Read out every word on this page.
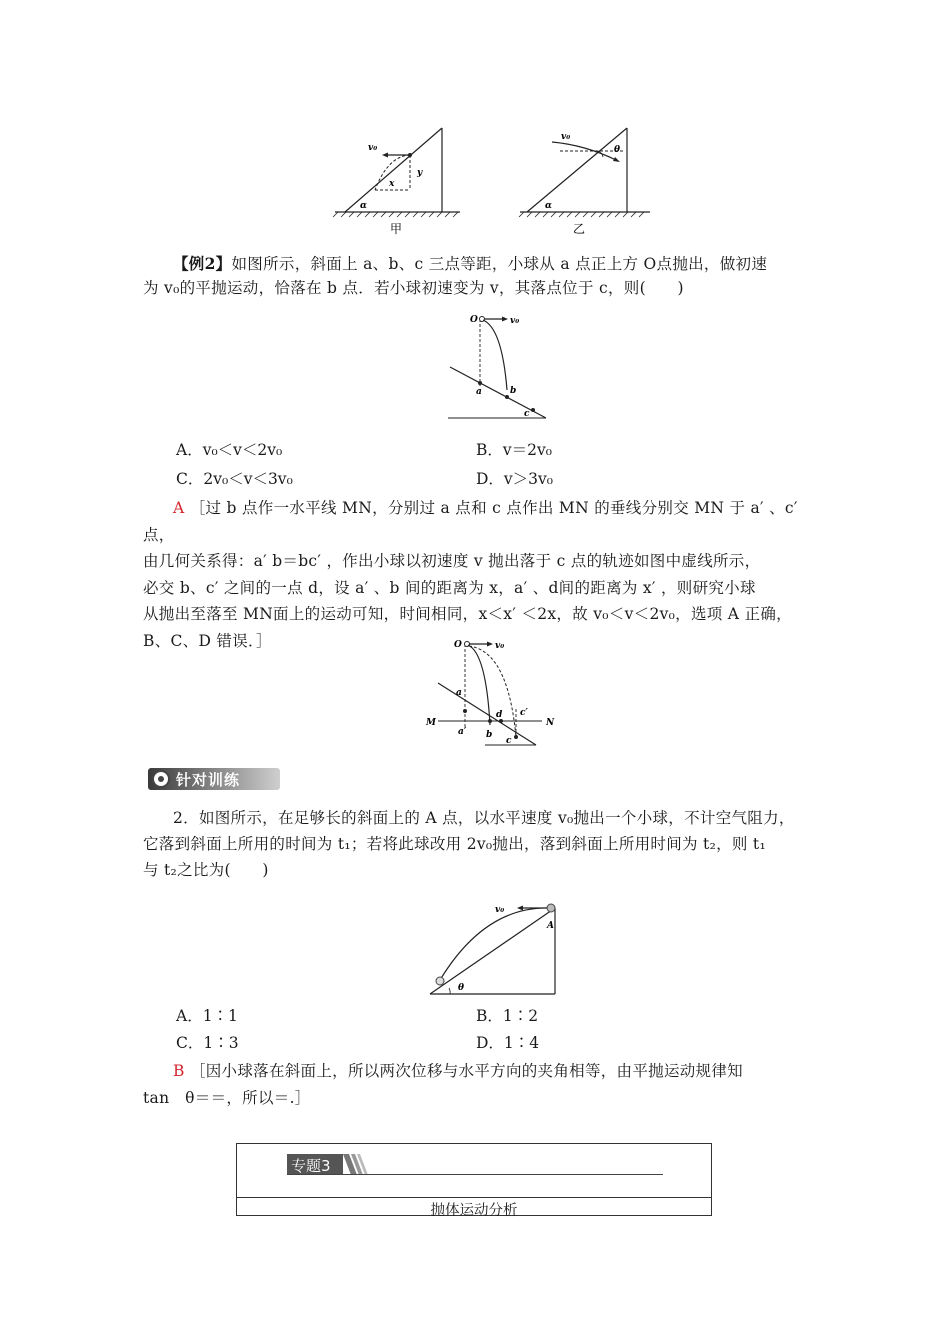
v₀
y
x
α
甲
v₀
θ
α
乙
【例2】如图所示，斜面上 a、b、c 三点等距，小球从 a 点正上方 O点抛出，做初速
为 v₀的平抛运动，恰落在 b 点．若小球初速变为 v，其落点位于 c，则(　　)
O	v₀
a	b
c
A．v₀＜v＜2v₀	B．v＝2v₀
C．2v₀＜v＜3v₀	D．v＞3v₀
A ［过 b 点作一水平线 MN，分别过 a 点和 c 点作出 MN 的垂线分别交 MN 于 a′ 、c′ 点，
由几何关系得：a′ b＝bc′ ，作出小球以初速度 v 抛出落于 c 点的轨迹如图中虚线所示，
必交 b、c′ 之间的一点 d，设 a′ 、b 间的距离为 x，a′ 、d间的距离为 x′ ，则研究小球
从抛出至落至 MN面上的运动可知，时间相同，x＜x′ ＜2x，故 v₀＜v＜2v₀，选项 A 正确，
B、C、D 错误．］	O	v₀
a
M	N
a′ b
d c′
c
针对训练
2．如图所示，在足够长的斜面上的 A 点，以水平速度 v₀抛出一个小球，不计空气阻力，
它落到斜面上所用的时间为 t₁；若将此球改用 2v₀抛出，落到斜面上所用时间为 t₂，则 t₁
与 t₂之比为(　　)
v₀
A
θ
A．1∶1	B．1∶2
C．1∶3	D．1∶4
B ［因小球落在斜面上，所以两次位移与水平方向的夹角相等，由平抛运动规律知
tan　θ＝＝，所以＝.］
专题3
抛体运动分析
